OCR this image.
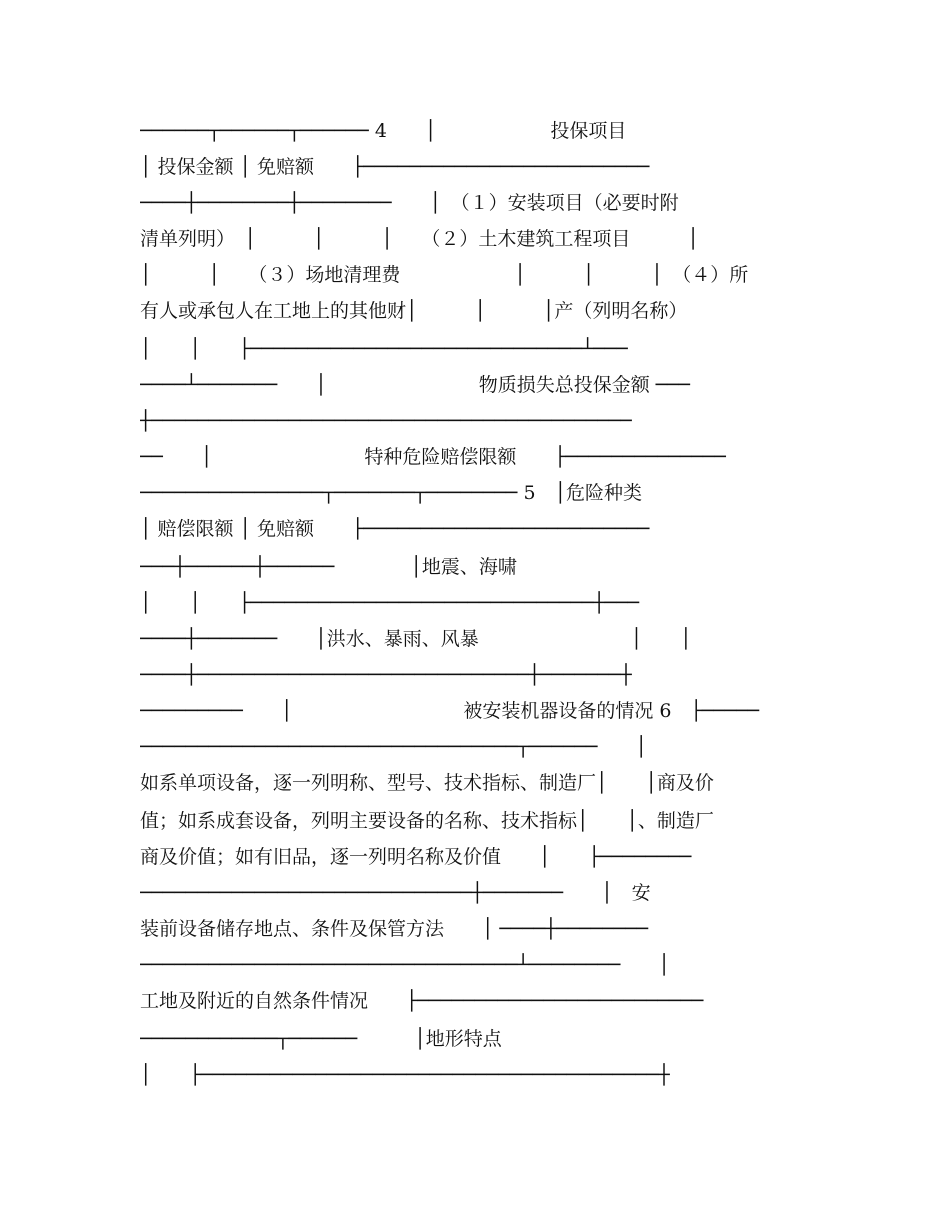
──────┬──────┬────── 4　　│　　　　　　投保项目
│ 投保金额 │ 免赔额　　├─────────────────────────
────┼────────┼────────　　│　（１）安装项目（必要时附
清单列明）　│　　　│　　　│　　（２）土木建筑工程项目　　　│
│　　　│　　（３）场地清理费　　　　　　│　　　│　　　│　（４）所
有人或承包人在工地上的其他财│　　　│　　　│产（列明名称）
│　　│　　├─────────────────────────────┴───
────┴───────　　│　　　　　　　　物质损失总投保金额 ───
┼──────────────────────────────────────────
──　　│　　　　　　　　特种危险赔偿限额　　├──────────────
────────────────┬───────┬──────── 5　│危险种类
│ 赔偿限额 │ 免赔额　　├─────────────────────────
───┼──────┼──────　　　　│地震、海啸
│　　│　　├──────────────────────────────┼───
────┼───────　　│洪水、暴雨、风暴　　　　　　　　│　　│
────┼─────────────────────────────┼───────┼
─────────　　│　　　　　　　　　被安装机器设备的情况 6　├─────
─────────────────────────────────┬──────　　│
如系单项设备，逐一列明称、型号、技术指标、制造厂│　　│商及价
值；如系成套设备，列明主要设备的名称、技术指标│　　│、制造厂
商及价值；如有旧品，逐一列明名称及价值　　│　　├────────
─────────────────────────────┼───────　　│　安
装前设备储存地点、条件及保管方法　　│ ────┼────────
─────────────────────────────────┴────────　　│
工地及附近的自然条件情况　　├─────────────────────────
────────────┬──────　　　│地形特点
│　　├────────────────────────────────────────┼
